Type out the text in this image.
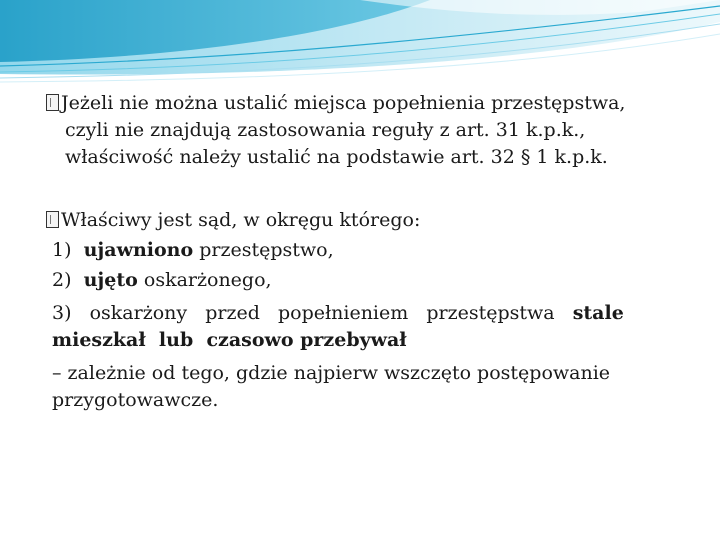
Jeżeli nie można ustalić miejsca popełnienia przestępstwa,
czyli nie znajdują zastosowania reguły z art. 31 k.p.k.,
właściwość należy ustalić na podstawie art. 32 § 1 k.p.k.
Właściwy jest sąd, w okręgu którego:
1) ujawniono przestępstwo,
2) ujęto oskarżonego,
3) oskarżony  przed  popełnieniem  przestępstwa  stale
mieszkał  lub  czasowo przebywał
– zależnie od tego, gdzie najpierw wszczęto postępowanie
przygotowawcze.
